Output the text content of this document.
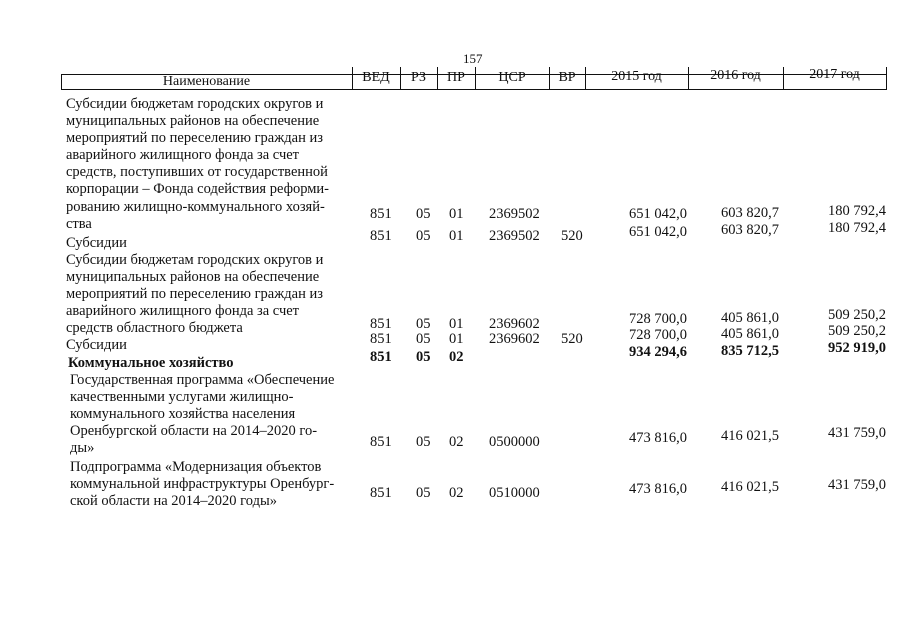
157
Наименование	ВЕД	РЗ	ПР	ЦСР	ВР	2015 год	2016 год	2017 год
Субсидии бюджетам городских округов и
муниципальных районов на обеспечение
мероприятий по переселению граждан из
аварийного жилищного фонда за счет
средств, поступивших от государственной
корпорации – Фонда содействия реформи-
рованию жилищно-коммунального хозяй-
ства
851 05 01 2369502	651 042,0	603 820,7	180 792,4
Субсидии	851 05 01 2369502 520	651 042,0	603 820,7	180 792,4
Субсидии бюджетам городских округов и
муниципальных районов на обеспечение
мероприятий по переселению граждан из
аварийного жилищного фонда за счет
средств областного бюджета	851 05 01 2369602	728 700,0	405 861,0	509 250,2
Субсидии	851 05 01 2369602 520	728 700,0	405 861,0	509 250,2
Коммунальное хозяйство	851 05 02	934 294,6	835 712,5	952 919,0
Государственная программа «Обеспечение
качественными услугами жилищно-
коммунального хозяйства населения
Оренбургской области на 2014–2020 го-
ды»	851 05 02 0500000	473 816,0	416 021,5	431 759,0
Подпрограмма «Модернизация объектов
коммунальной инфраструктуры Оренбург-
ской области на 2014–2020 годы»
851 05 02 0510000	473 816,0	416 021,5	431 759,0
